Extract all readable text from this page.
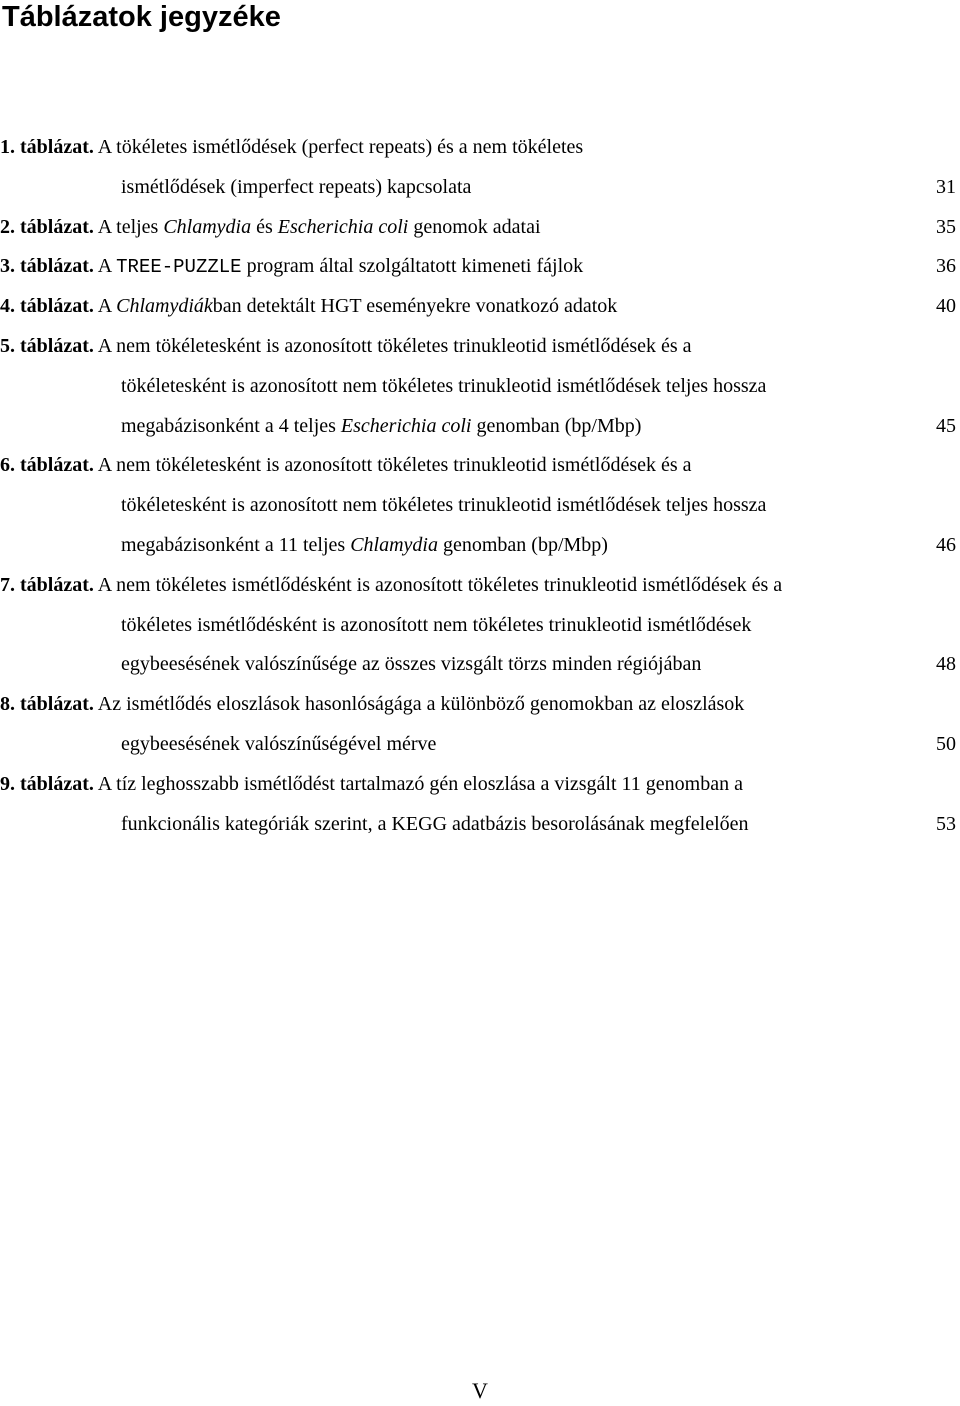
Táblázatok jegyzéke
1. táblázat. A tökéletes ismétlődések (perfect repeats) és a nem tökéletes
ismétlődések (imperfect repeats) kapcsolata	31
2. táblázat. A teljes Chlamydia és Escherichia coli genomok adatai	35
3. táblázat. A TREE-PUZZLE program által szolgáltatott kimeneti fájlok	36
4. táblázat. A Chlamydiákban detektált HGT eseményekre vonatkozó adatok	40
5. táblázat. A nem tökéletesként is azonosított tökéletes trinukleotid ismétlődések és a
tökéletesként is azonosított nem tökéletes trinukleotid ismétlődések teljes hossza
megabázisonként a 4 teljes Escherichia coli genomban (bp/Mbp)	45
6. táblázat. A nem tökéletesként is azonosított tökéletes trinukleotid ismétlődések és a
tökéletesként is azonosított nem tökéletes trinukleotid ismétlődések teljes hossza
megabázisonként a 11 teljes Chlamydia genomban (bp/Mbp)	46
7. táblázat. A nem tökéletes ismétlődésként is azonosított tökéletes trinukleotid ismétlődések és a
tökéletes ismétlődésként is azonosított nem tökéletes trinukleotid ismétlődések
egybeesésének valószínűsége az összes vizsgált törzs minden régiójában	48
8. táblázat. Az ismétlődés eloszlások hasonlóságága a különböző genomokban az eloszlások
egybeesésének valószínűségével mérve	50
9. táblázat. A tíz leghosszabb ismétlődést tartalmazó gén eloszlása a vizsgált 11 genomban a
funkcionális kategóriák szerint, a KEGG adatbázis besorolásának megfelelően	53
V
